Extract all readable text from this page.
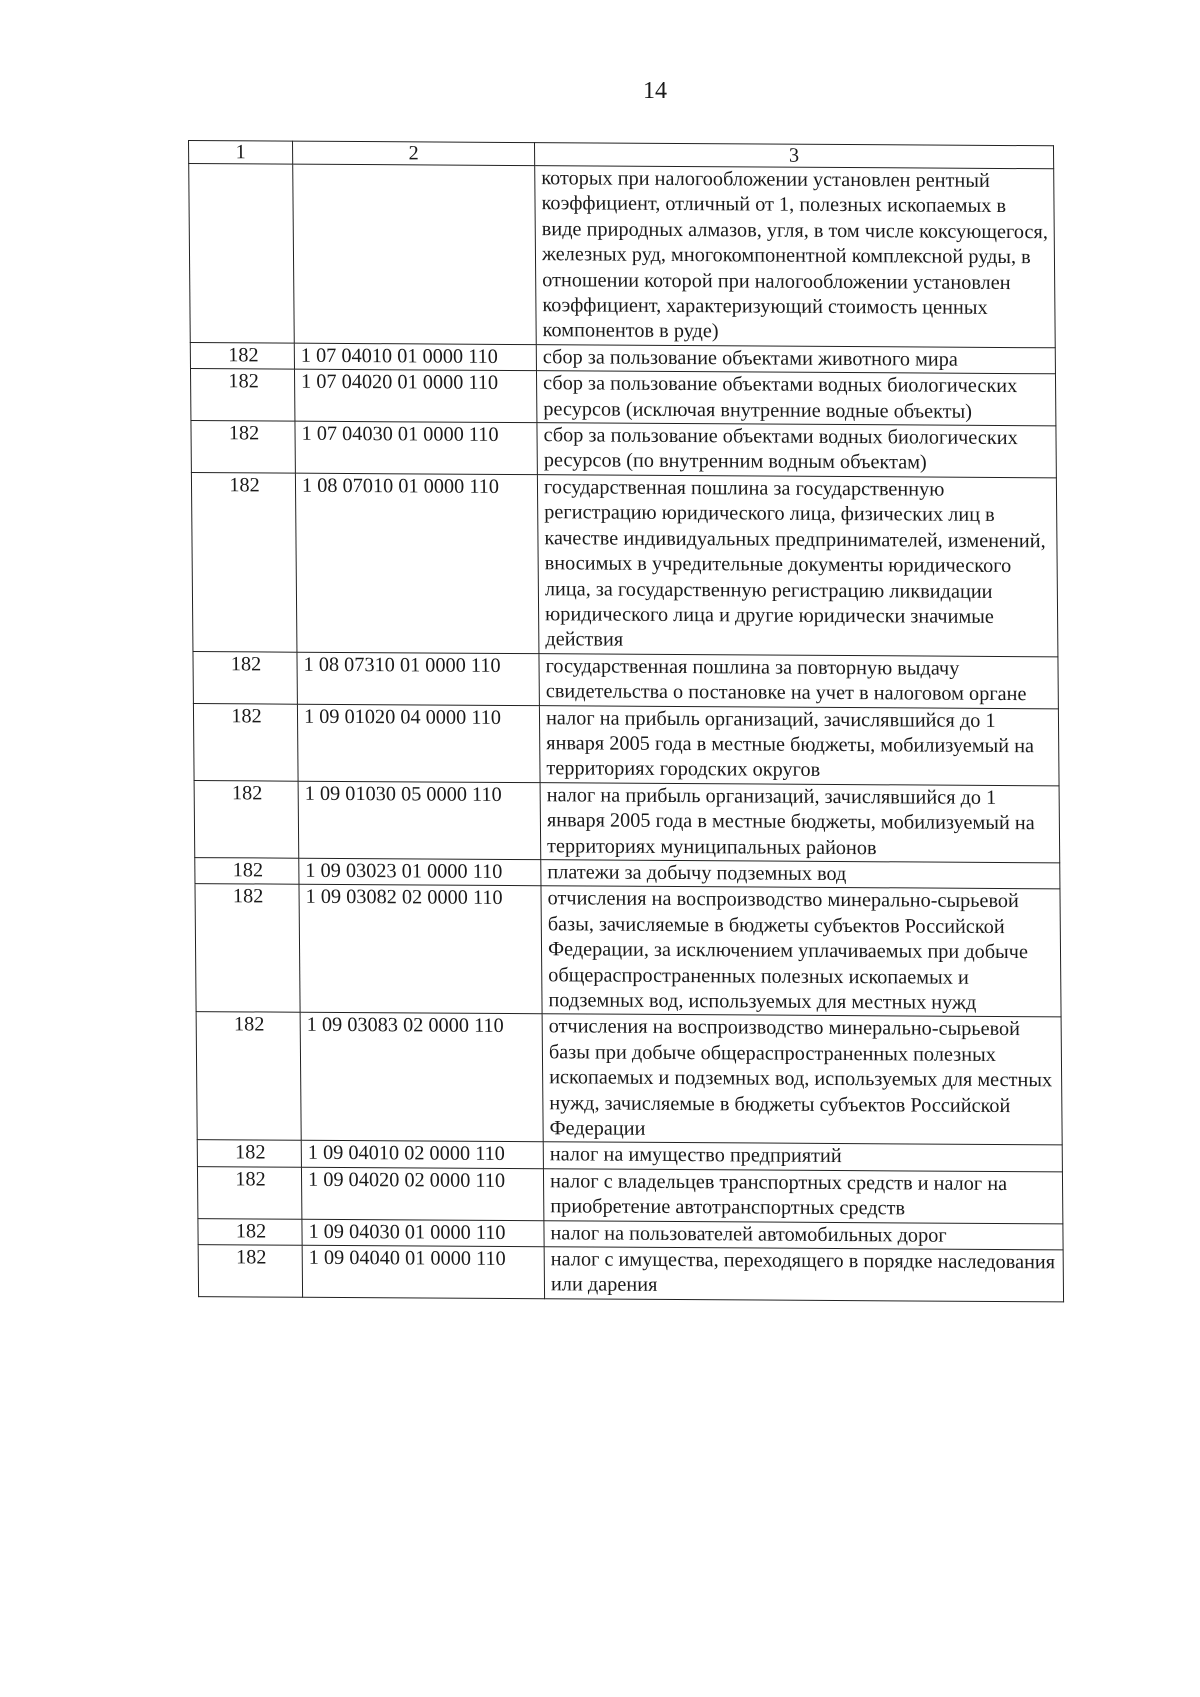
14
1	2	3
		которых при налогообложении установлен рентный коэффициент, отличный от 1, полезных ископаемых в виде природных алмазов, угля, в том числе коксующегося, железных руд, многокомпонентной комплексной руды, в отношении которой при налогообложении установлен коэффициент, характеризующий стоимость ценных компонентов в руде)
182	1 07 04010 01 0000 110	сбор за пользование объектами животного мира
182	1 07 04020 01 0000 110	сбор за пользование объектами водных биологических ресурсов (исключая внутренние водные объекты)
182	1 07 04030 01 0000 110	сбор за пользование объектами водных биологических ресурсов (по внутренним водным объектам)
182	1 08 07010 01 0000 110	государственная пошлина за государственную регистрацию юридического лица, физических лиц в качестве индивидуальных предпринимателей, изменений, вносимых в учредительные документы юридического лица, за государственную регистрацию ликвидации юридического лица и другие юридически значимые действия
182	1 08 07310 01 0000 110	государственная пошлина за повторную выдачу свидетельства о постановке на учет в налоговом органе
182	1 09 01020 04 0000 110	налог на прибыль организаций, зачислявшийся до 1 января 2005 года в местные бюджеты, мобилизуемый на территориях городских округов
182	1 09 01030 05 0000 110	налог на прибыль организаций, зачислявшийся до 1 января 2005 года в местные бюджеты, мобилизуемый на территориях муниципальных районов
182	1 09 03023 01 0000 110	платежи за добычу подземных вод
182	1 09 03082 02 0000 110	отчисления на воспроизводство минерально-сырьевой базы, зачисляемые в бюджеты субъектов Российской Федерации, за исключением уплачиваемых при добыче общераспространенных полезных ископаемых и подземных вод, используемых для местных нужд
182	1 09 03083 02 0000 110	отчисления на воспроизводство минерально-сырьевой базы при добыче общераспространенных полезных ископаемых и подземных вод, используемых для местных нужд, зачисляемые в бюджеты субъектов Российской Федерации
182	1 09 04010 02 0000 110	налог на имущество предприятий
182	1 09 04020 02 0000 110	налог с владельцев транспортных средств и налог на приобретение автотранспортных средств
182	1 09 04030 01 0000 110	налог на пользователей автомобильных дорог
182	1 09 04040 01 0000 110	налог с имущества, переходящего в порядке наследования или дарения
